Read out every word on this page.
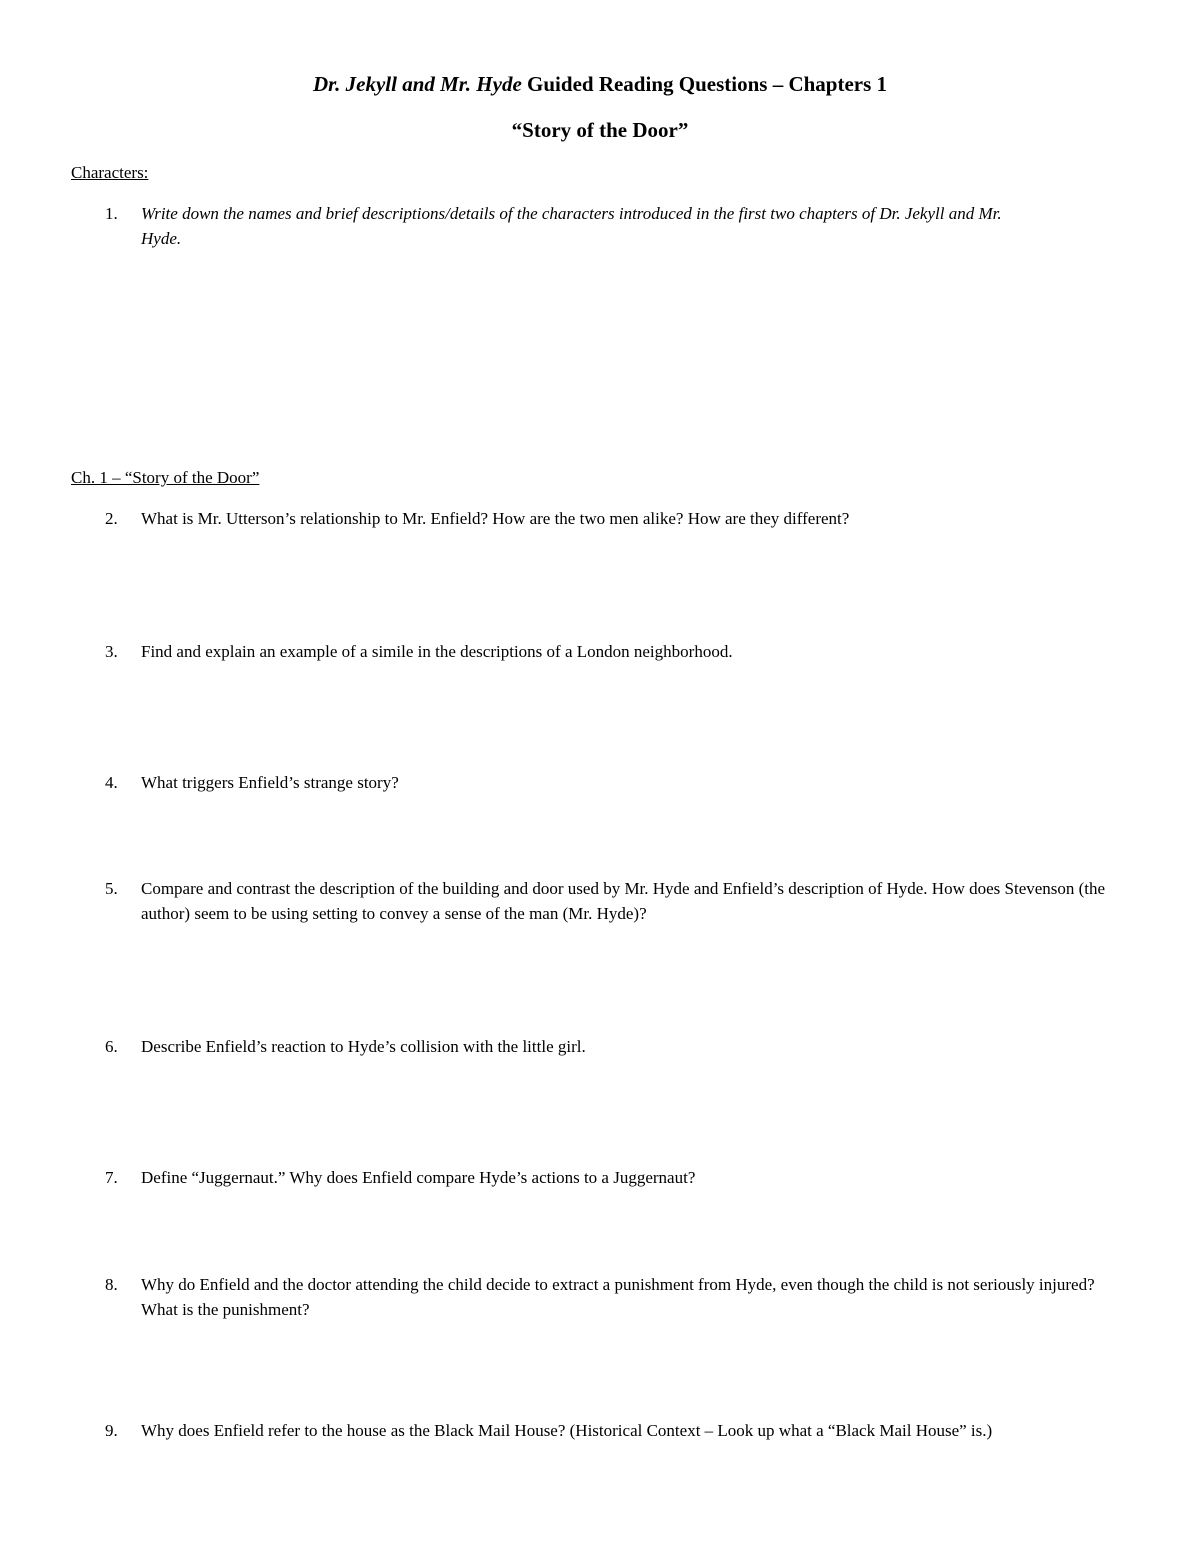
Dr. Jekyll and Mr. Hyde Guided Reading Questions – Chapters 1
“Story of the Door”
Characters:
1. Write down the names and brief descriptions/details of the characters introduced in the first two chapters of Dr. Jekyll and Mr. Hyde.
Ch. 1 – “Story of the Door”
2. What is Mr. Utterson’s relationship to Mr. Enfield? How are the two men alike? How are they different?
3. Find and explain an example of a simile in the descriptions of a London neighborhood.
4. What triggers Enfield’s strange story?
5. Compare and contrast the description of the building and door used by Mr. Hyde and Enfield’s description of Hyde. How does Stevenson (the author) seem to be using setting to convey a sense of the man (Mr. Hyde)?
6. Describe Enfield’s reaction to Hyde’s collision with the little girl.
7. Define “Juggernaut.” Why does Enfield compare Hyde’s actions to a Juggernaut?
8. Why do Enfield and the doctor attending the child decide to extract a punishment from Hyde, even though the child is not seriously injured? What is the punishment?
9. Why does Enfield refer to the house as the Black Mail House? (Historical Context – Look up what a “Black Mail House” is.)
